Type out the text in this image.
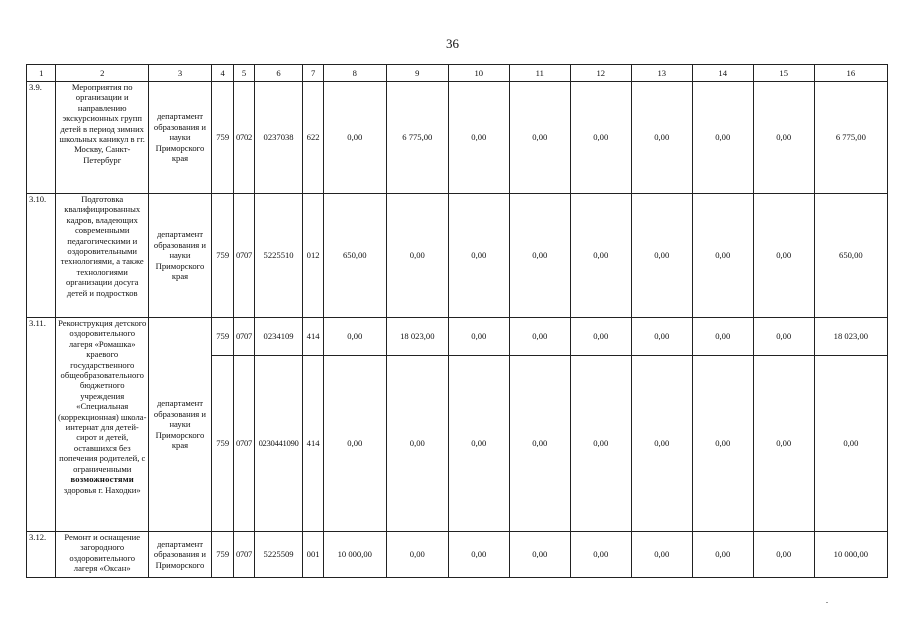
36
1	2	3	4	5	6	7	8	9	10	11	12	13	14	15	16
3.9.	Мероприятия по организации и направлению экскурсионных групп детей в период зимних школьных каникул в гг. Москву, Санкт-Петербург	департамент образования и науки Приморского края	759	0702	0237038	622	0,00	6 775,00	0,00	0,00	0,00	0,00	0,00	0,00	6 775,00
3.10.	Подготовка квалифицированных кадров, владеющих современными педагогическими и оздоровительными технологиями, а также технологиями организации досуга детей и подростков	департамент образования и науки Приморского края	759	0707	5225510	012	650,00	0,00	0,00	0,00	0,00	0,00	0,00	0,00	650,00
3.11.	Реконструкция детского оздоровительного лагеря «Ромашка» краевого государственного общеобразовательного бюджетного учреждения «Специальная (коррекционная) школа-интернат для детей-сирот и детей, оставшихся без попечения родителей, с ограниченными возможностями здоровья г. Находки»	департамент образования и науки Приморского края	759	0707	0234109	414	0,00	18 023,00	0,00	0,00	0,00	0,00	0,00	0,00	18 023,00
			759	0707	0230441090	414	0,00	0,00	0,00	0,00	0,00	0,00	0,00	0,00	0,00
3.12.	Ремонт и оснащение загородного оздоровительного лагеря «Оксан»	департамент образования и Приморского	759	0707	5225509	001	10 000,00	0,00	0,00	0,00	0,00	0,00	0,00	0,00	10 000,00
